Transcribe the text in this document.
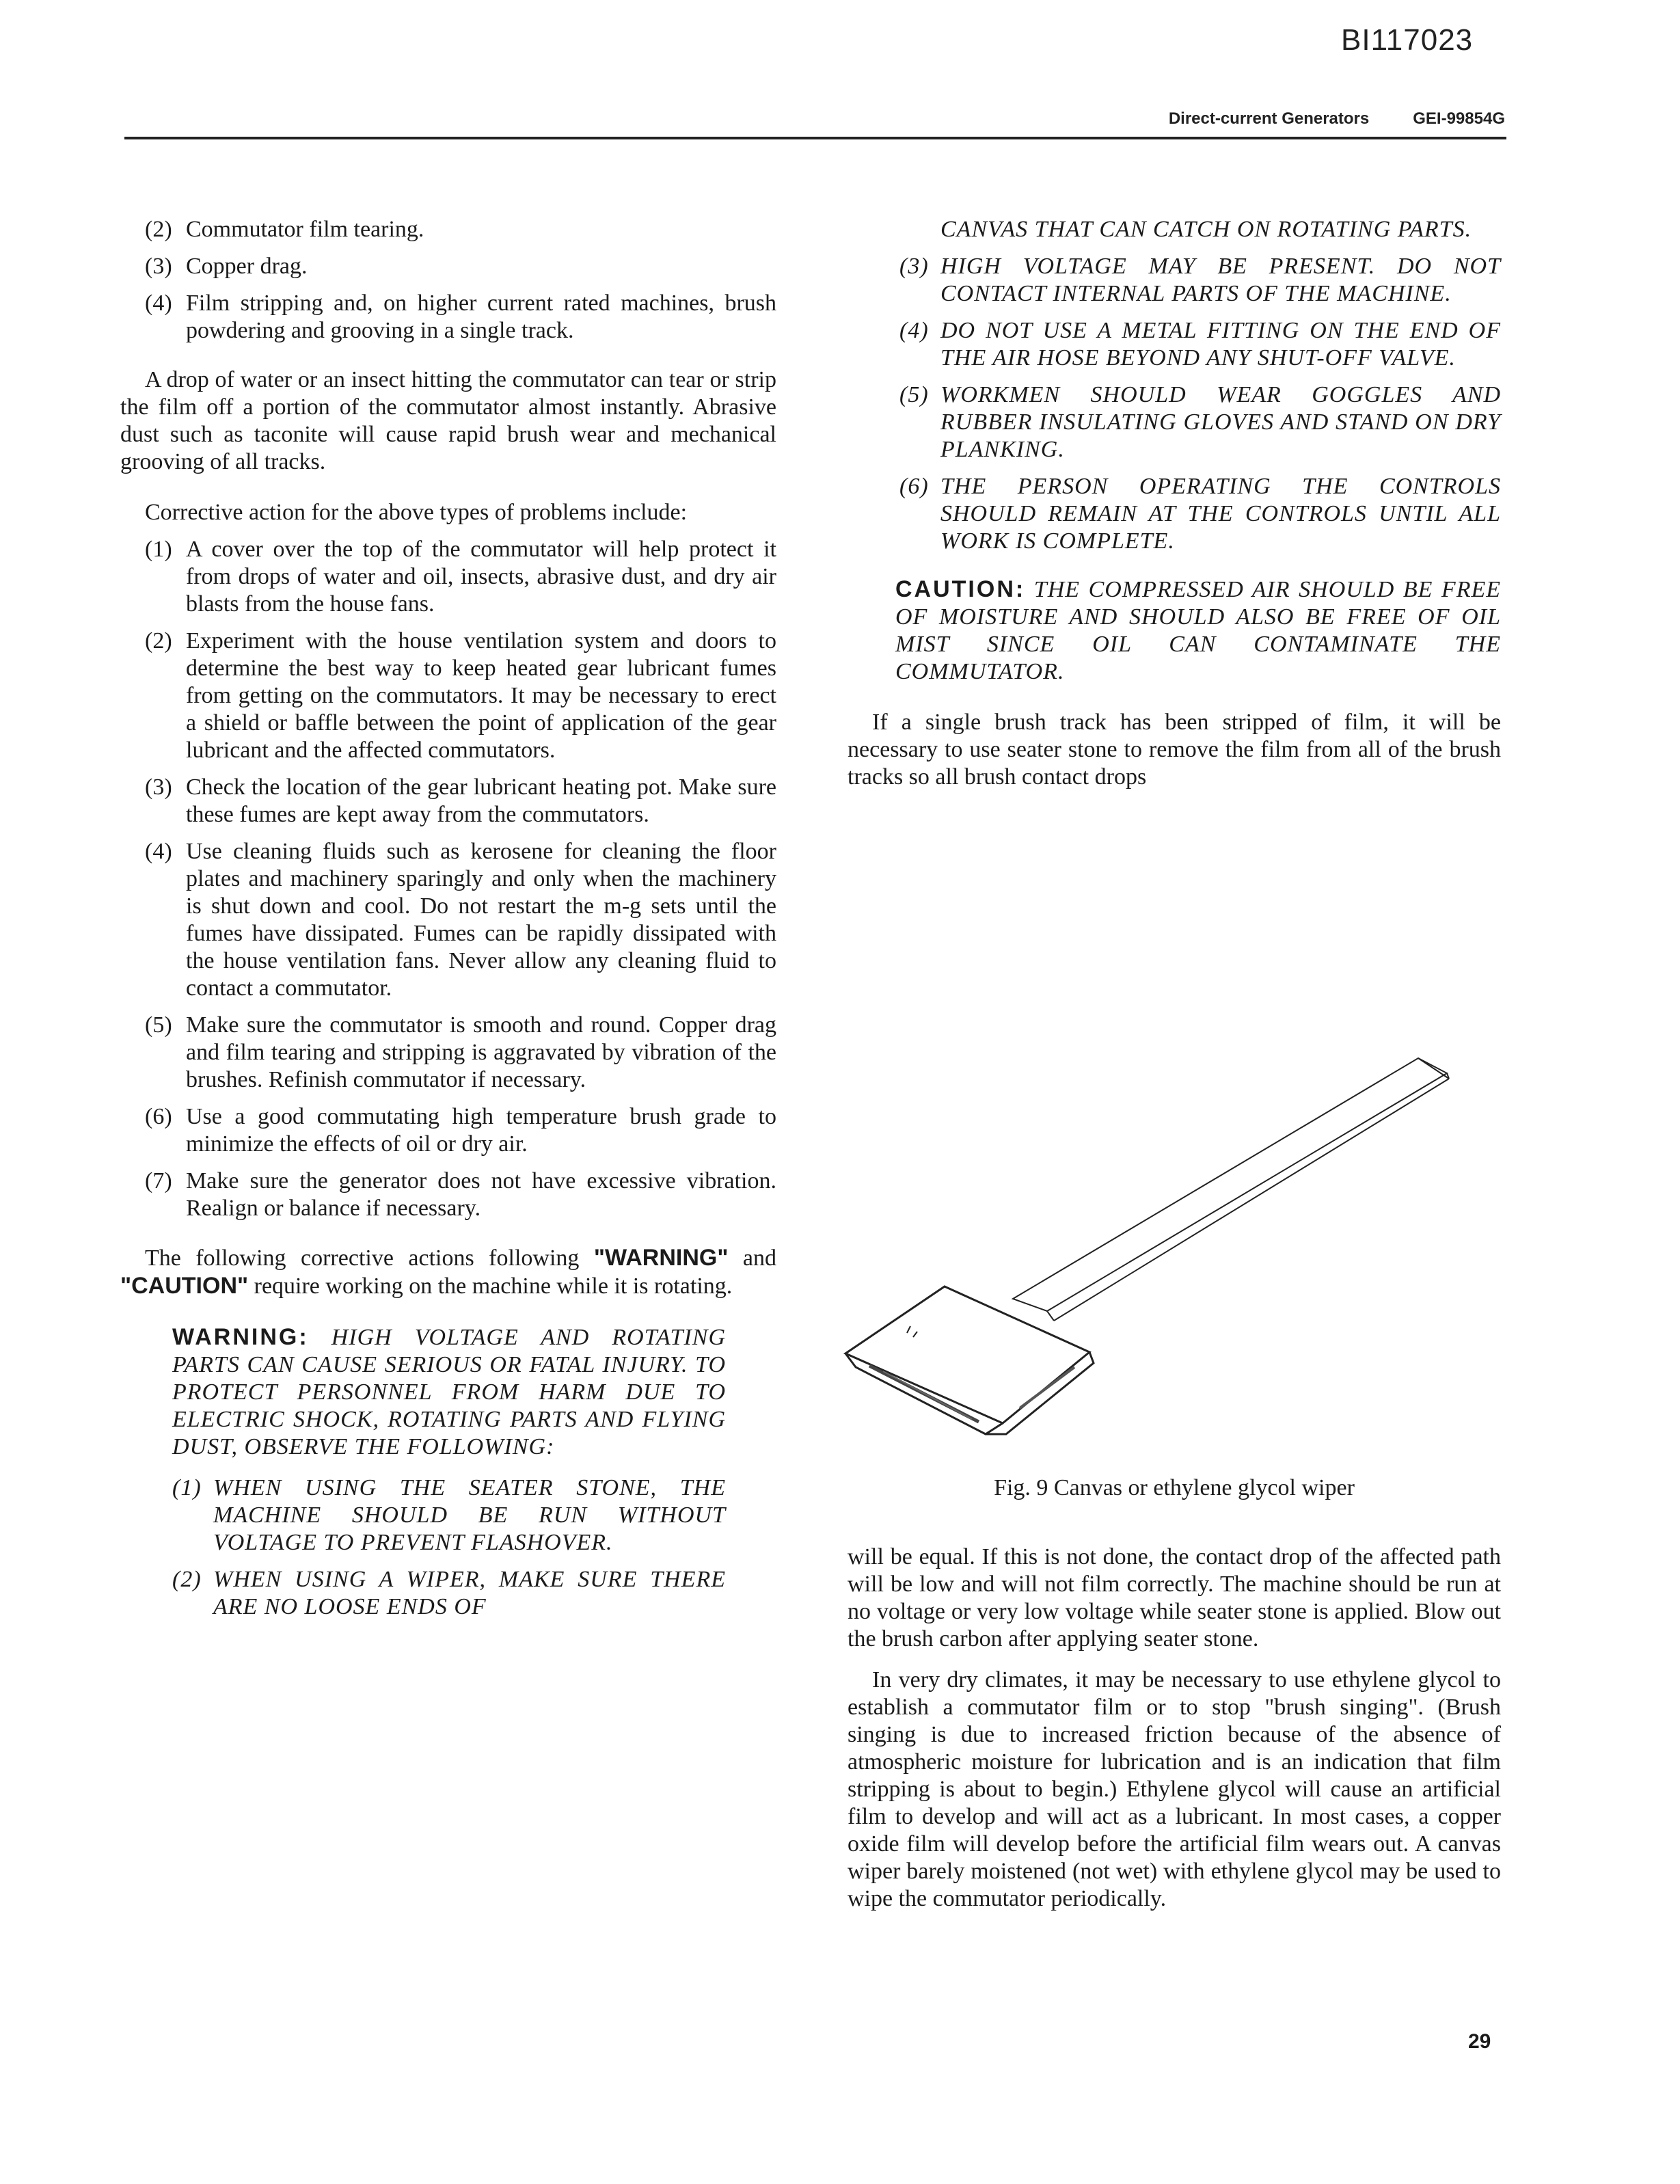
BI117023
Direct-current Generators	GEI-99854G
(2) Commutator film tearing.
(3) Copper drag.
(4) Film stripping and, on higher current rated machines, brush powdering and grooving in a single track.

A drop of water or an insect hitting the commutator can tear or strip the film off a portion of the commutator almost instantly. Abrasive dust such as taconite will cause rapid brush wear and mechanical grooving of all tracks.

Corrective action for the above types of problems include:

(1) A cover over the top of the commutator will help protect it from drops of water and oil, insects, abrasive dust, and dry air blasts from the house fans.
(2) Experiment with the house ventilation system and doors to determine the best way to keep heated gear lubricant fumes from getting on the commutators. It may be necessary to erect a shield or baffle between the point of application of the gear lubricant and the affected commutators.
(3) Check the location of the gear lubricant heating pot. Make sure these fumes are kept away from the commutators.
(4) Use cleaning fluids such as kerosene for cleaning the floor plates and machinery sparingly and only when the machinery is shut down and cool. Do not restart the m-g sets until the fumes have dissipated. Fumes can be rapidly dissipated with the house ventilation fans. Never allow any cleaning fluid to contact a commutator.
(5) Make sure the commutator is smooth and round. Copper drag and film tearing and stripping is aggravated by vibration of the brushes. Refinish commutator if necessary.
(6) Use a good commutating high temperature brush grade to minimize the effects of oil or dry air.
(7) Make sure the generator does not have excessive vibration. Realign or balance if necessary.

The following corrective actions following "WARNING" and "CAUTION" require working on the machine while it is rotating.

WARNING: HIGH VOLTAGE AND ROTATING PARTS CAN CAUSE SERIOUS OR FATAL INJURY. TO PROTECT PERSONNEL FROM HARM DUE TO ELECTRIC SHOCK, ROTATING PARTS AND FLYING DUST, OBSERVE THE FOLLOWING:

(1) WHEN USING THE SEATER STONE, THE MACHINE SHOULD BE RUN WITHOUT VOLTAGE TO PREVENT FLASHOVER.
(2) WHEN USING A WIPER, MAKE SURE THERE ARE NO LOOSE ENDS OF
CANVAS THAT CAN CATCH ON ROTATING PARTS.
(3) HIGH VOLTAGE MAY BE PRESENT. DO NOT CONTACT INTERNAL PARTS OF THE MACHINE.
(4) DO NOT USE A METAL FITTING ON THE END OF THE AIR HOSE BEYOND ANY SHUT-OFF VALVE.
(5) WORKMEN SHOULD WEAR GOGGLES AND RUBBER INSULATING GLOVES AND STAND ON DRY PLANKING.
(6) THE PERSON OPERATING THE CONTROLS SHOULD REMAIN AT THE CONTROLS UNTIL ALL WORK IS COMPLETE.

CAUTION: THE COMPRESSED AIR SHOULD BE FREE OF MOISTURE AND SHOULD ALSO BE FREE OF OIL MIST SINCE OIL CAN CONTAMINATE THE COMMUTATOR.

If a single brush track has been stripped of film, it will be necessary to use seater stone to remove the film from all of the brush tracks so all brush contact drops

Fig. 9 Canvas or ethylene glycol wiper

will be equal. If this is not done, the contact drop of the affected path will be low and will not film correctly. The machine should be run at no voltage or very low voltage while seater stone is applied. Blow out the brush carbon after applying seater stone.

In very dry climates, it may be necessary to use ethylene glycol to establish a commutator film or to stop "brush singing". (Brush singing is due to increased friction because of the absence of atmospheric moisture for lubrication and is an indication that film stripping is about to begin.) Ethylene glycol will cause an artificial film to develop and will act as a lubricant. In most cases, a copper oxide film will develop before the artificial film wears out. A canvas wiper barely moistened (not wet) with ethylene glycol may be used to wipe the commutator periodically.

29
